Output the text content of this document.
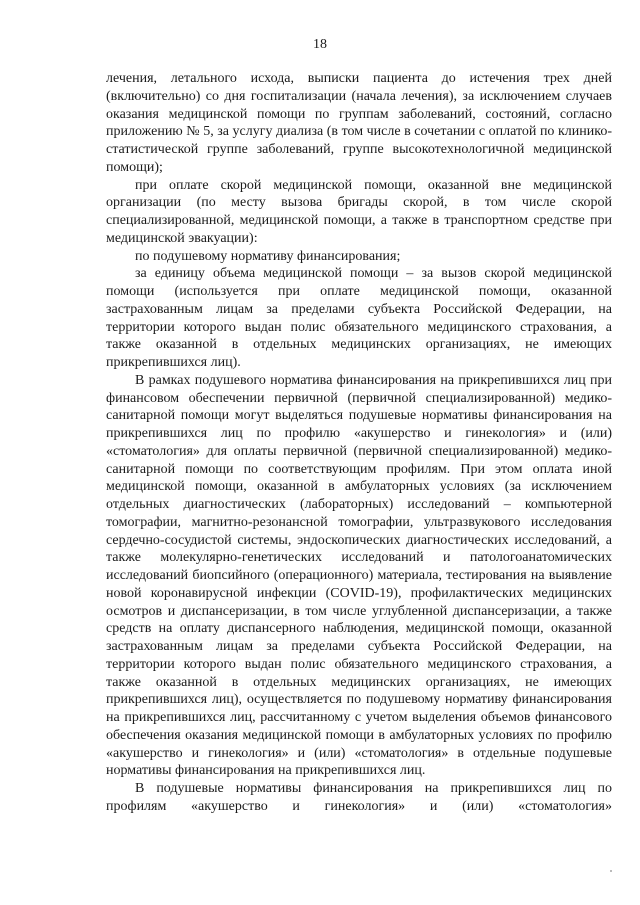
18

лечения, летального исхода, выписки пациента до истечения трех дней (включительно) со дня госпитализации (начала лечения), за исключением случаев оказания медицинской помощи по группам заболеваний, состояний, согласно приложению № 5, за услугу диализа (в том числе в сочетании с оплатой по клинико-статистической группе заболеваний, группе высокотехнологичной медицинской помощи);

при оплате скорой медицинской помощи, оказанной вне медицинской организации (по месту вызова бригады скорой, в том числе скорой специализированной, медицинской помощи, а также в транспортном средстве при медицинской эвакуации):

по подушевому нормативу финансирования;

за единицу объема медицинской помощи – за вызов скорой медицинской помощи (используется при оплате медицинской помощи, оказанной застрахованным лицам за пределами субъекта Российской Федерации, на территории которого выдан полис обязательного медицинского страхования, а также оказанной в отдельных медицинских организациях, не имеющих прикрепившихся лиц).

В рамках подушевого норматива финансирования на прикрепившихся лиц при финансовом обеспечении первичной (первичной специализированной) медико-санитарной помощи могут выделяться подушевые нормативы финансирования на прикрепившихся лиц по профилю «акушерство и гинекология» и (или) «стоматология» для оплаты первичной (первичной специализированной) медико-санитарной помощи по соответствующим профилям. При этом оплата иной медицинской помощи, оказанной в амбулаторных условиях (за исключением отдельных диагностических (лабораторных) исследований – компьютерной томографии, магнитно-резонансной томографии, ультразвукового исследования сердечно-сосудистой системы, эндоскопических диагностических исследований, а также молекулярно-генетических исследований и патологоанатомических исследований биопсийного (операционного) материала, тестирования на выявление новой коронавирусной инфекции (COVID-19), профилактических медицинских осмотров и диспансеризации, в том числе углубленной диспансеризации, а также средств на оплату диспансерного наблюдения, медицинской помощи, оказанной застрахованным лицам за пределами субъекта Российской Федерации, на территории которого выдан полис обязательного медицинского страхования, а также оказанной в отдельных медицинских организациях, не имеющих прикрепившихся лиц), осуществляется по подушевому нормативу финансирования на прикрепившихся лиц, рассчитанному с учетом выделения объемов финансового обеспечения оказания медицинской помощи в амбулаторных условиях по профилю «акушерство и гинекология» и (или) «стоматология» в отдельные подушевые нормативы финансирования на прикрепившихся лиц.

В подушевые нормативы финансирования на прикрепившихся лиц по профилям «акушерство и гинекология» и (или) «стоматология»
